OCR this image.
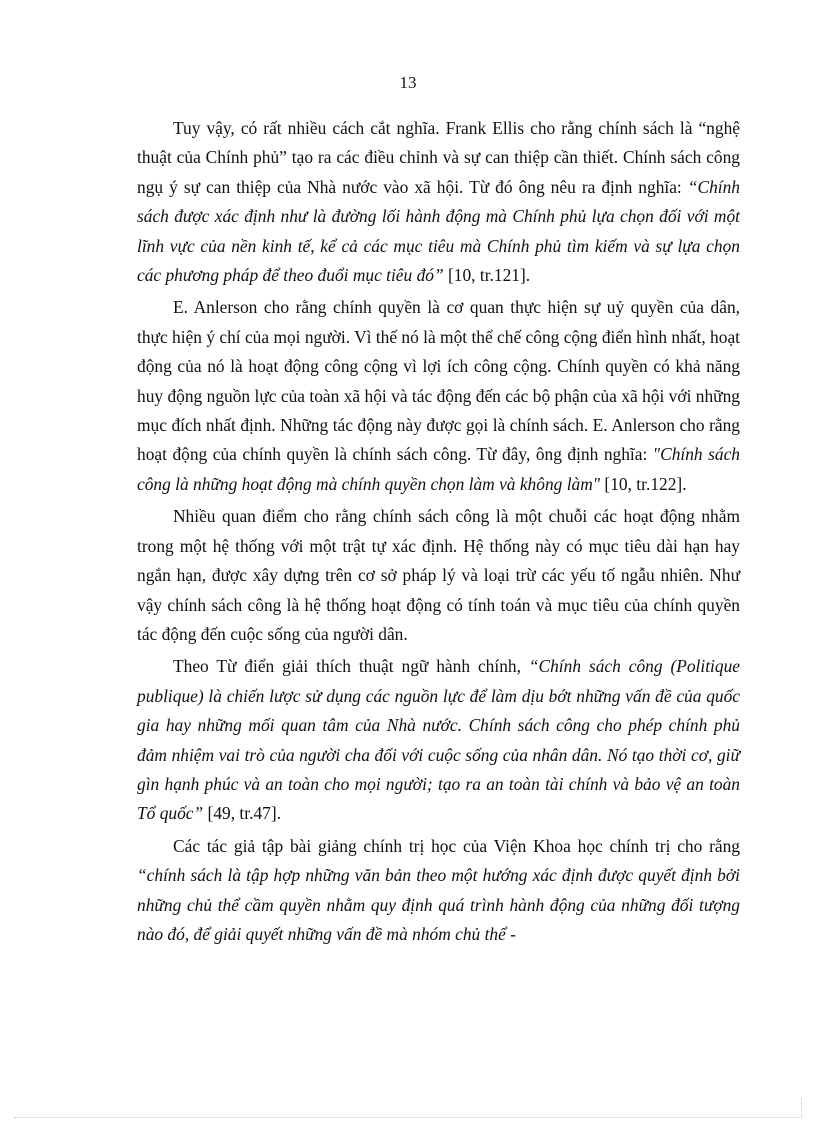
13

Tuy vậy, có rất nhiều cách cắt nghĩa. Frank Ellis cho rằng chính sách là “nghệ thuật của Chính phủ” tạo ra các điều chỉnh và sự can thiệp cần thiết. Chính sách công ngụ ý sự can thiệp của Nhà nước vào xã hội. Từ đó ông nêu ra định nghĩa: “Chính sách được xác định như là đường lối hành động mà Chính phủ lựa chọn đối với một lĩnh vực của nền kinh tế, kể cả các mục tiêu mà Chính phủ tìm kiếm và sự lựa chọn các phương pháp để theo đuổi mục tiêu đó” [10, tr.121].

E. Anlerson cho rằng chính quyền là cơ quan thực hiện sự uỷ quyền của dân, thực hiện ý chí của mọi người. Vì thế nó là một thể chế công cộng điển hình nhất, hoạt động của nó là hoạt động công cộng vì lợi ích công cộng. Chính quyền có khả năng huy động nguồn lực của toàn xã hội và tác động đến các bộ phận của xã hội với những mục đích nhất định. Những tác động này được gọi là chính sách. E. Anlerson cho rằng hoạt động của chính quyền là chính sách công. Từ đây, ông định nghĩa: "Chính sách công là những hoạt động mà chính quyền chọn làm và không làm" [10, tr.122].

Nhiều quan điểm cho rằng chính sách công là một chuỗi các hoạt động nhằm trong một hệ thống với một trật tự xác định. Hệ thống này có mục tiêu dài hạn hay ngắn hạn, được xây dựng trên cơ sở pháp lý và loại trừ các yếu tố ngẫu nhiên. Như vậy chính sách công là hệ thống hoạt động có tính toán và mục tiêu của chính quyền tác động đến cuộc sống của người dân.

Theo Từ điển giải thích thuật ngữ hành chính, “Chính sách công (Politique publique) là chiến lược sử dụng các nguồn lực để làm dịu bớt những vấn đề của quốc gia hay những mối quan tâm của Nhà nước. Chính sách công cho phép chính phủ đảm nhiệm vai trò của người cha đối với cuộc sống của nhân dân. Nó tạo thời cơ, giữ gìn hạnh phúc và an toàn cho mọi người; tạo ra an toàn tài chính và bảo vệ an toàn Tổ quốc” [49, tr.47].

Các tác giả tập bài giảng chính trị học của Viện Khoa học chính trị cho rằng “chính sách là tập hợp những văn bản theo một hướng xác định được quyết định bởi những chủ thể cầm quyền nhằm quy định quá trình hành động của những đối tượng nào đó, để giải quyết những vấn đề mà nhóm chủ thể -
